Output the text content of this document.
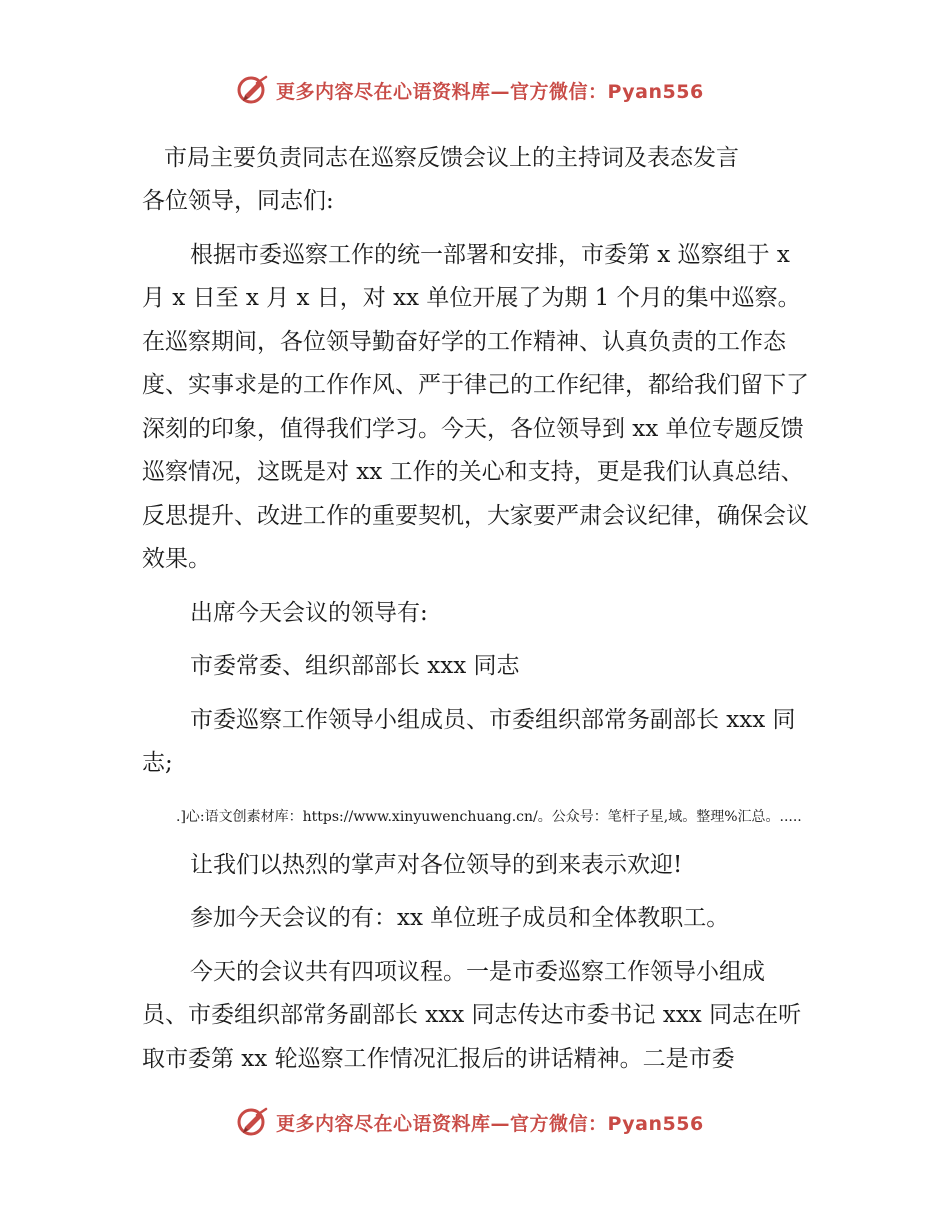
更多内容尽在心语资料库—官方微信：Pyan556

市局主要负责同志在巡察反馈会议上的主持词及表态发言

各位领导，同志们:

根据市委巡察工作的统一部署和安排，市委第 x 巡察组于 x 月 x 日至 x 月 x 日，对 xx 单位开展了为期 1 个月的集中巡察。在巡察期间，各位领导勤奋好学的工作精神、认真负责的工作态度、实事求是的工作作风、严于律己的工作纪律，都给我们留下了深刻的印象，值得我们学习。今天，各位领导到 xx 单位专题反馈巡察情况，这既是对 xx 工作的关心和支持，更是我们认真总结、反思提升、改进工作的重要契机，大家要严肃会议纪律，确保会议效果。

出席今天会议的领导有:

市委常委、组织部部长 xxx 同志

市委巡察工作领导小组成员、市委组织部常务副部长 xxx 同志;

.]心:语文创素材库：https://www.xinyuwenchuang.cn/。公众号：笔杆子星,域。整理%汇总。.....

让我们以热烈的掌声对各位领导的到来表示欢迎!

参加今天会议的有：xx 单位班子成员和全体教职工。

今天的会议共有四项议程。一是市委巡察工作领导小组成员、市委组织部常务副部长 xxx 同志传达市委书记 xxx 同志在听取市委第 xx 轮巡察工作情况汇报后的讲话精神。二是市委

更多内容尽在心语资料库—官方微信：Pyan556
